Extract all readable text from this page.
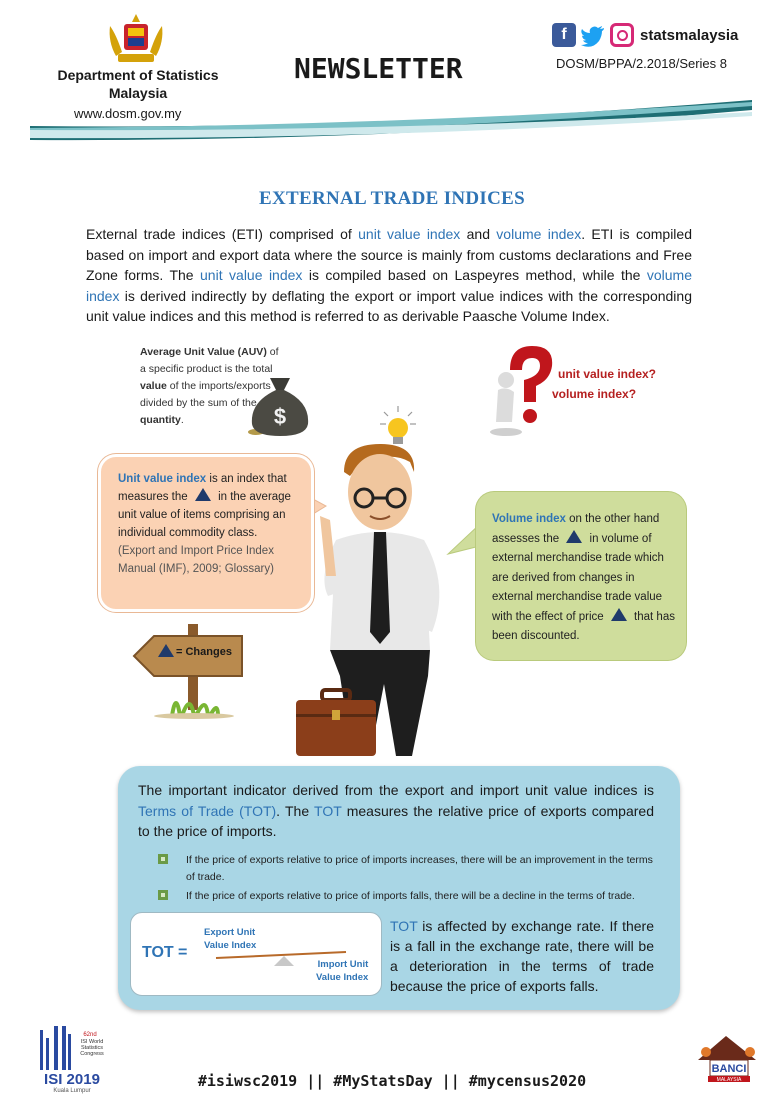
Department of Statistics
Malaysia
www.dosm.gov.my
NEWSLETTER
f	statsmalaysia
DOSM/BPPA/2.2018/Series 8
EXTERNAL TRADE INDICES
External trade indices (ETI) comprised of unit value index and volume index. ETI is compiled based on import and export data where the source is mainly from customs declarations and Free Zone forms. The unit value index is compiled based on Laspeyres method, while the volume index is derived indirectly by deflating the export or import value indices with the corresponding unit value indices and this method is referred to as derivable Paasche Volume Index.
Average Unit Value (AUV) of a specific product is the total value of the imports/exports divided by the sum of the quantity.	$
unit value index?
volume index?
Unit value index is an index that measures the  in the average unit value of items comprising an individual commodity class.
(Export and Import Price Index Manual (IMF), 2009; Glossary)
Volume index on the other hand assesses the  in volume of external merchandise trade which are derived from changes in external merchandise trade value with the effect of price  that has been discounted.
= Changes
The important indicator derived from the export and import unit value indices is Terms of Trade (TOT). The TOT measures the relative price of exports compared to the price of imports.
If the price of exports relative to price of imports increases, there will be an improvement in the terms of trade.
If the price of exports relative to price of imports falls, there will be a decline in the terms of trade.
TOT =
Export Unit
Value Index
Import Unit
Value Index
TOT is affected by exchange rate. If there is a fall in the exchange rate, there will be a deterioration in the terms of trade because the price of exports falls.
62nd
ISI World
Statistics
Congress
ISI 2019
Kuala Lumpur
#isiwsc2019 || #MyStatsDay || #mycensus2020
BANCI
MALAYSIA
